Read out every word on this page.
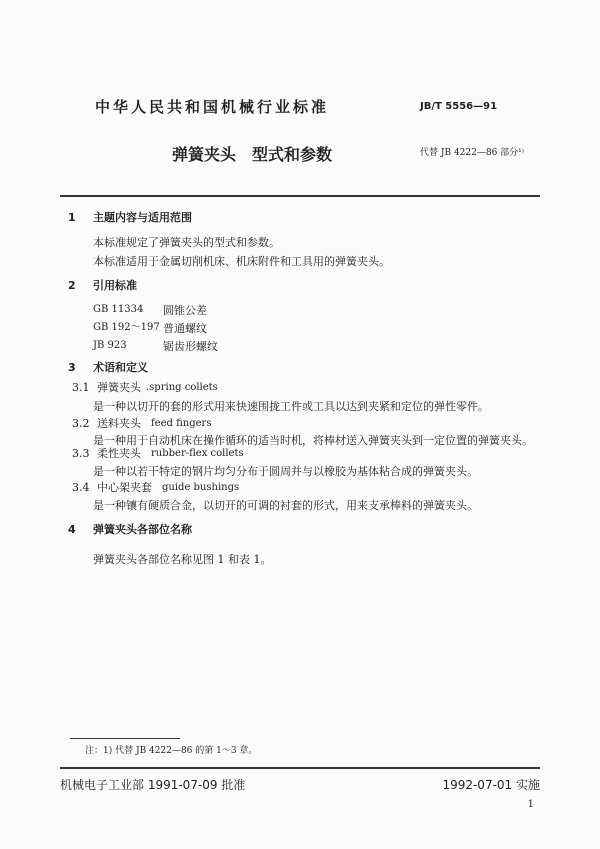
中华人民共和国机械行业标准	JB/T 5556—91
弹簧夹头　型式和参数	代替 JB 4222—86 部分¹⁾
1 主题内容与适用范围
本标准规定了弹簧夹头的型式和参数。
本标准适用于金属切削机床、机床附件和工具用的弹簧夹头。
2 引用标准
GB 11334 圆锥公差
GB 192～197 普通螺纹
JB 923	锯齿形螺纹
3 术语和定义
3.1 弹簧夹头 .spring collets
是一种以切开的套的形式用来快速围拢工件或工具以达到夹紧和定位的弹性零件。
3.2 送料夹头 feed fingers
是一种用于自动机床在操作循环的适当时机，将棒材送入弹簧夹头到一定位置的弹簧夹头。
3.3 柔性夹头 rubber-flex collets
是一种以若干特定的钢片均匀分布于圆周并与以橡胶为基体粘合成的弹簧夹头。
3.4 中心架夹套 guide bushings
是一种镶有硬质合金，以切开的可调的衬套的形式，用来支承棒料的弹簧夹头。
4 弹簧夹头各部位名称
弹簧夹头各部位名称见图 1 和表 1。
注：1) 代替 JB 4222—86 的第 1～3 章。
机械电子工业部 1991-07-09 批准	1992-07-01 实施
1
